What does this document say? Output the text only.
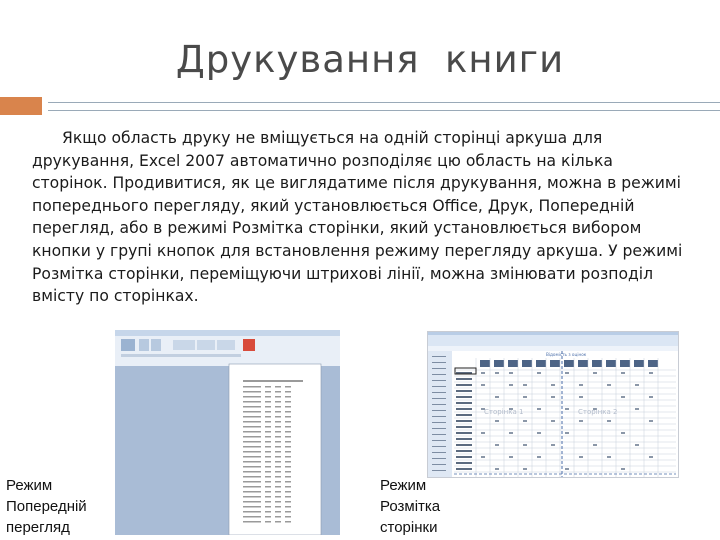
Друкування  книги
Якщо область друку не вміщується на одній сторінці аркуша для друкування, Excel 2007 автоматично розподіляє цю область на кілька сторінок. Продивитися, як це виглядатиме після друкування, можна в режимі попереднього перегляду, який установлюється Office, Друк, Попередній перегляд, або в режимі Розмітка сторінки, який установлюється вибором кнопки у групі кнопок для встановлення режиму перегляду аркуша. У режимі Розмітка сторінки, переміщуючи штрихові лінії, можна змінювати розподіл вмісту по сторінках.
Відомість з оцінок
Сторінка 1	Сторінка 2
Режим
Попередній
перегляд
Режим
Розмітка
сторінки
